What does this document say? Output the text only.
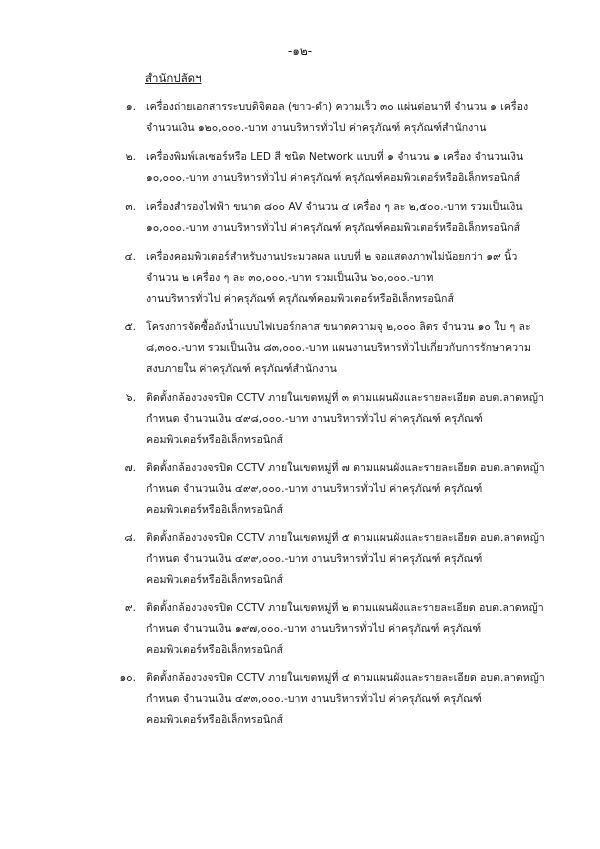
-๑๒-
สำนักปลัดฯ
๑. เครื่องถ่ายเอกสารระบบดิจิตอล (ขาว-ดำ) ความเร็ว ๓๐ แผ่นต่อนาที จำนวน ๑ เครื่อง
จำนวนเงิน ๑๒๐,๐๐๐.-บาท งานบริหารทั่วไป ค่าครุภัณฑ์ ครุภัณฑ์สำนักงาน
๒. เครื่องพิมพ์เลเซอร์หรือ LED สี ชนิด Network แบบที่ ๑ จำนวน ๑ เครื่อง จำนวนเงิน
๑๐,๐๐๐.-บาท งานบริหารทั่วไป ค่าครุภัณฑ์ ครุภัณฑ์คอมพิวเตอร์หรืออิเล็กทรอนิกส์
๓. เครื่องสำรองไฟฟ้า ขนาด ๘๐๐ AV จำนวน ๔ เครื่อง ๆ ละ ๒,๕๐๐.-บาท รวมเป็นเงิน
๑๐,๐๐๐.-บาท งานบริหารทั่วไป ค่าครุภัณฑ์ ครุภัณฑ์คอมพิวเตอร์หรืออิเล็กทรอนิกส์
๔. เครื่องคอมพิวเตอร์สำหรับงานประมวลผล แบบที่ ๒ จอแสดงภาพไม่น้อยกว่า ๑๙ นิ้ว
จำนวน ๒ เครื่อง ๆ ละ ๓๐,๐๐๐.-บาท รวมเป็นเงิน ๖๐,๐๐๐.-บาท
งานบริหารทั่วไป ค่าครุภัณฑ์ ครุภัณฑ์คอมพิวเตอร์หรืออิเล็กทรอนิกส์
๕. โครงการจัดซื้อถังน้ำแบบไฟเบอร์กลาส ขนาดความจุ ๒,๐๐๐ ลิตร จำนวน ๑๐ ใบ ๆ ละ
๘,๓๐๐.-บาท รวมเป็นเงิน ๘๓,๐๐๐.-บาท แผนงานบริหารทั่วไปเกี่ยวกับการรักษาความ
สงบภายใน ค่าครุภัณฑ์ ครุภัณฑ์สำนักงาน
๖. ติดตั้งกล้องวงจรปิด CCTV ภายในเขตหมู่ที่ ๓ ตามแผนผังและรายละเอียด อบต.ลาดหญ้า
กำหนด จำนวนเงิน ๔๙๘,๐๐๐.-บาท งานบริหารทั่วไป ค่าครุภัณฑ์ ครุภัณฑ์
คอมพิวเตอร์หรืออิเล็กทรอนิกส์
๗. ติดตั้งกล้องวงจรปิด CCTV ภายในเขตหมู่ที่ ๗ ตามแผนผังและรายละเอียด อบต.ลาดหญ้า
กำหนด จำนวนเงิน ๔๙๙,๐๐๐.-บาท งานบริหารทั่วไป ค่าครุภัณฑ์ ครุภัณฑ์
คอมพิวเตอร์หรืออิเล็กทรอนิกส์
๘. ติดตั้งกล้องวงจรปิด CCTV ภายในเขตหมู่ที่ ๕ ตามแผนผังและรายละเอียด อบต.ลาดหญ้า
กำหนด จำนวนเงิน ๔๙๙,๐๐๐.-บาท งานบริหารทั่วไป ค่าครุภัณฑ์ ครุภัณฑ์
คอมพิวเตอร์หรืออิเล็กทรอนิกส์
๙. ติดตั้งกล้องวงจรปิด CCTV ภายในเขตหมู่ที่ ๒ ตามแผนผังและรายละเอียด อบต.ลาดหญ้า
กำหนด จำนวนเงิน ๑๙๗,๐๐๐.-บาท งานบริหารทั่วไป ค่าครุภัณฑ์ ครุภัณฑ์
คอมพิวเตอร์หรืออิเล็กทรอนิกส์
๑๐. ติดตั้งกล้องวงจรปิด CCTV ภายในเขตหมู่ที่ ๔ ตามแผนผังและรายละเอียด อบต.ลาดหญ้า
กำหนด จำนวนเงิน ๔๙๓,๐๐๐.-บาท งานบริหารทั่วไป ค่าครุภัณฑ์ ครุภัณฑ์
คอมพิวเตอร์หรืออิเล็กทรอนิกส์
